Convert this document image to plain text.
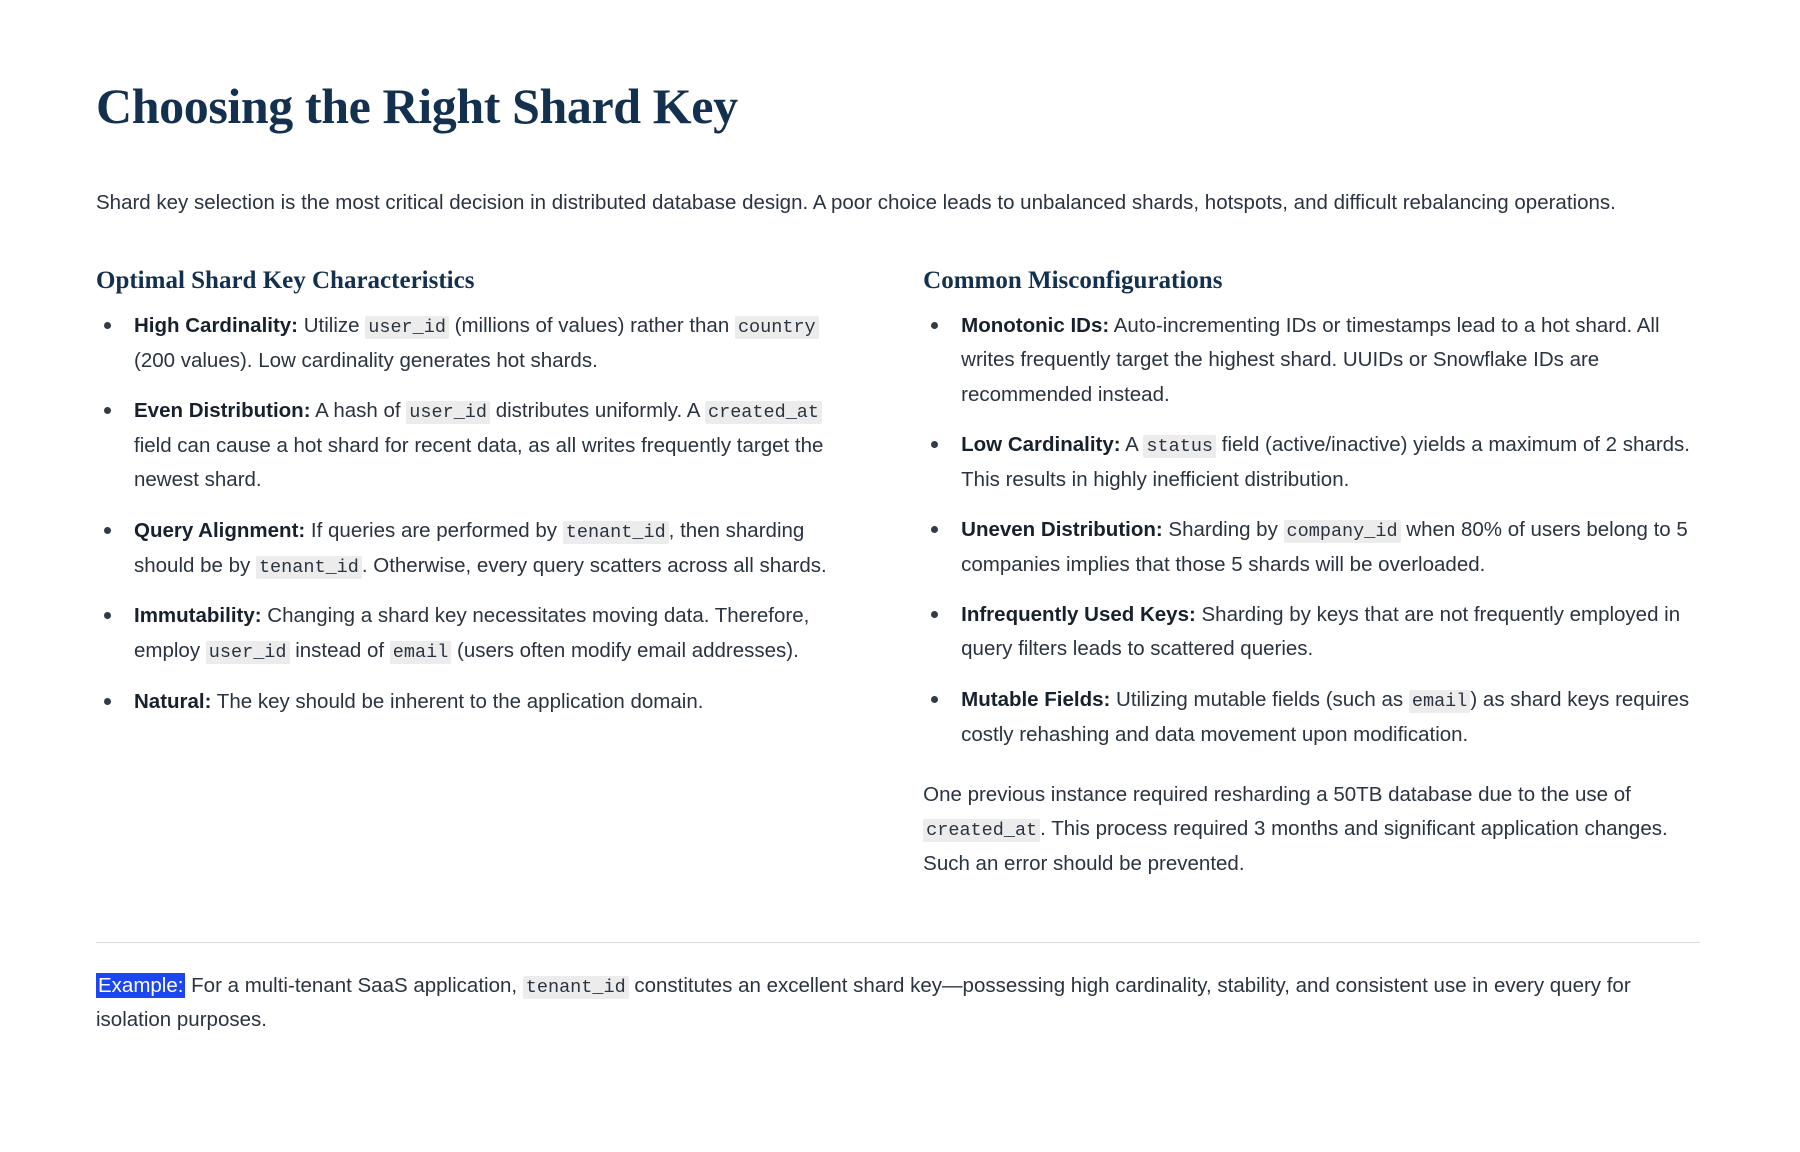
Choosing the Right Shard Key

Shard key selection is the most critical decision in distributed database design. A poor choice leads to unbalanced shards, hotspots, and difficult rebalancing operations.

Optimal Shard Key Characteristics
High Cardinality: Utilize user_id (millions of values) rather than country (200 values). Low cardinality generates hot shards.
Even Distribution: A hash of user_id distributes uniformly. A created_at field can cause a hot shard for recent data, as all writes frequently target the newest shard.
Query Alignment: If queries are performed by tenant_id , then sharding should be by tenant_id . Otherwise, every query scatters across all shards.
Immutability: Changing a shard key necessitates moving data. Therefore, employ user_id instead of email (users often modify email addresses).
Natural: The key should be inherent to the application domain.
Common Misconfigurations
Monotonic IDs: Auto-incrementing IDs or timestamps lead to a hot shard. All writes frequently target the highest shard. UUIDs or Snowflake IDs are recommended instead.
Low Cardinality: A status field (active/inactive) yields a maximum of 2 shards. This results in highly inefficient distribution.
Uneven Distribution: Sharding by company_id when 80% of users belong to 5 companies implies that those 5 shards will be overloaded.
Infrequently Used Keys: Sharding by keys that are not frequently employed in query filters leads to scattered queries.
Mutable Fields: Utilizing mutable fields (such as email ) as shard keys requires costly rehashing and data movement upon modification.

One previous instance required resharding a 50TB database due to the use of created_at . This process required 3 months and significant application changes. Such an error should be prevented.

Example: For a multi-tenant SaaS application, tenant_id constitutes an excellent shard key—possessing high cardinality, stability, and consistent use in every query for isolation purposes.
